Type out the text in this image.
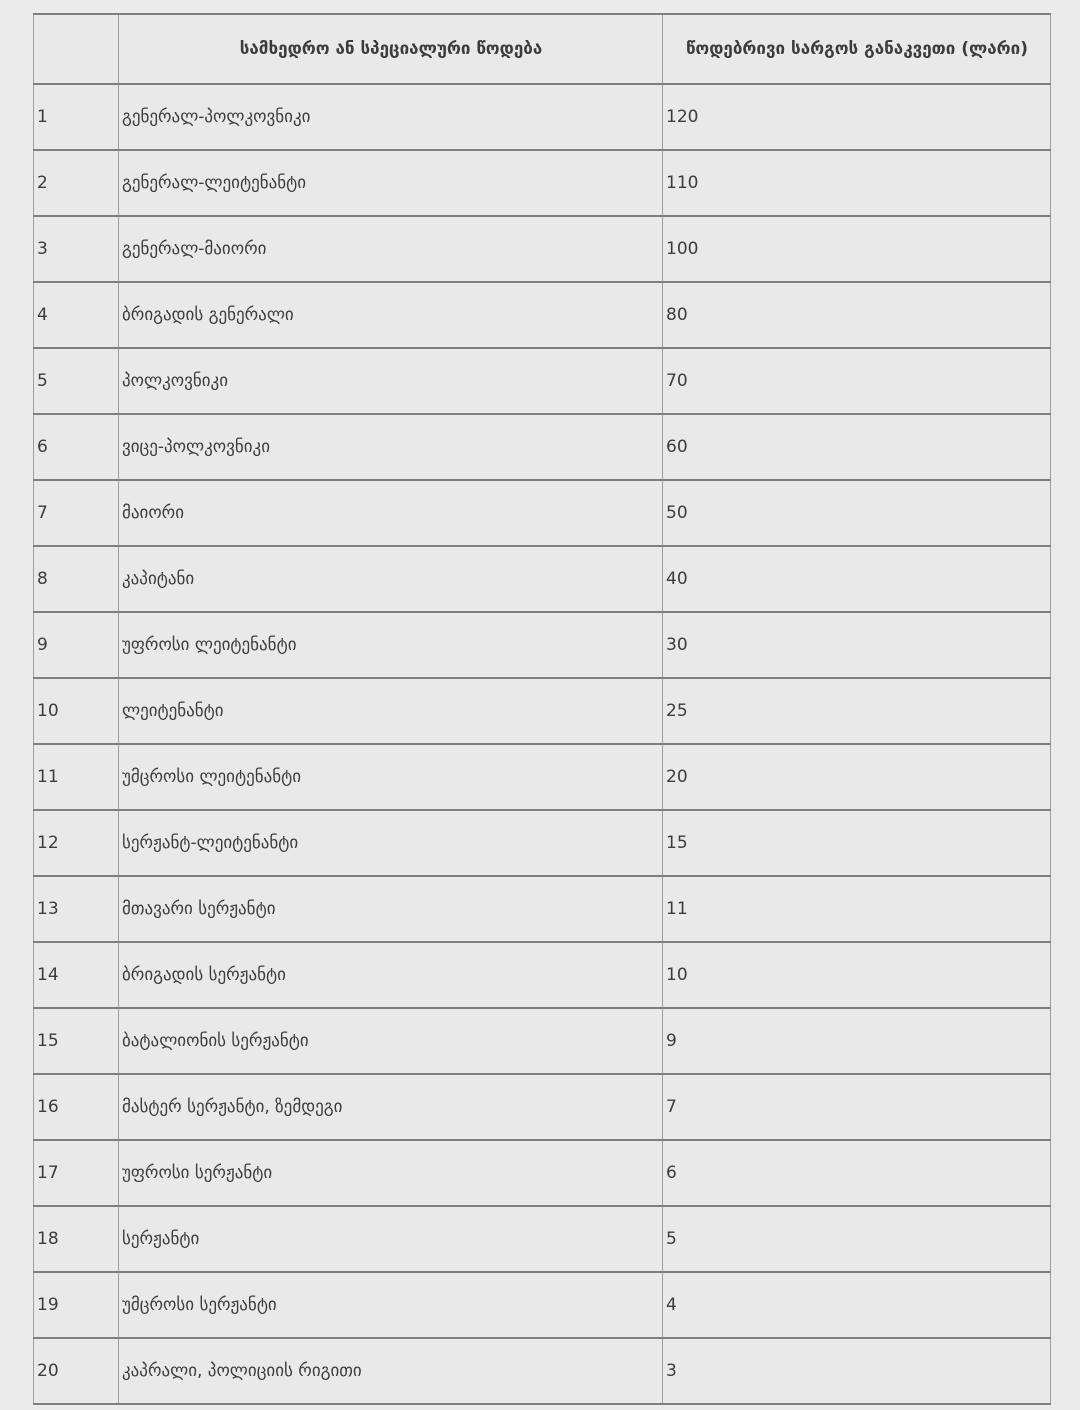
	სამხედრო ან სპეციალური წოდება	წოდებრივი სარგოს განაკვეთი (ლარი)
1	გენერალ-პოლკოვნიკი	120
2	გენერალ-ლეიტენანტი	110
3	გენერალ-მაიორი	100
4	ბრიგადის გენერალი	80
5	პოლკოვნიკი	70
6	ვიცე-პოლკოვნიკი	60
7	მაიორი	50
8	კაპიტანი	40
9	უფროსი ლეიტენანტი	30
10	ლეიტენანტი	25
11	უმცროსი ლეიტენანტი	20
12	სერჟანტ-ლეიტენანტი	15
13	მთავარი სერჟანტი	11
14	ბრიგადის სერჟანტი	10
15	ბატალიონის სერჟანტი	9
16	მასტერ სერჟანტი, ზემდეგი	7
17	უფროსი სერჟანტი	6
18	სერჟანტი	5
19	უმცროსი სერჟანტი	4
20	კაპრალი, პოლიციის რიგითი	3
